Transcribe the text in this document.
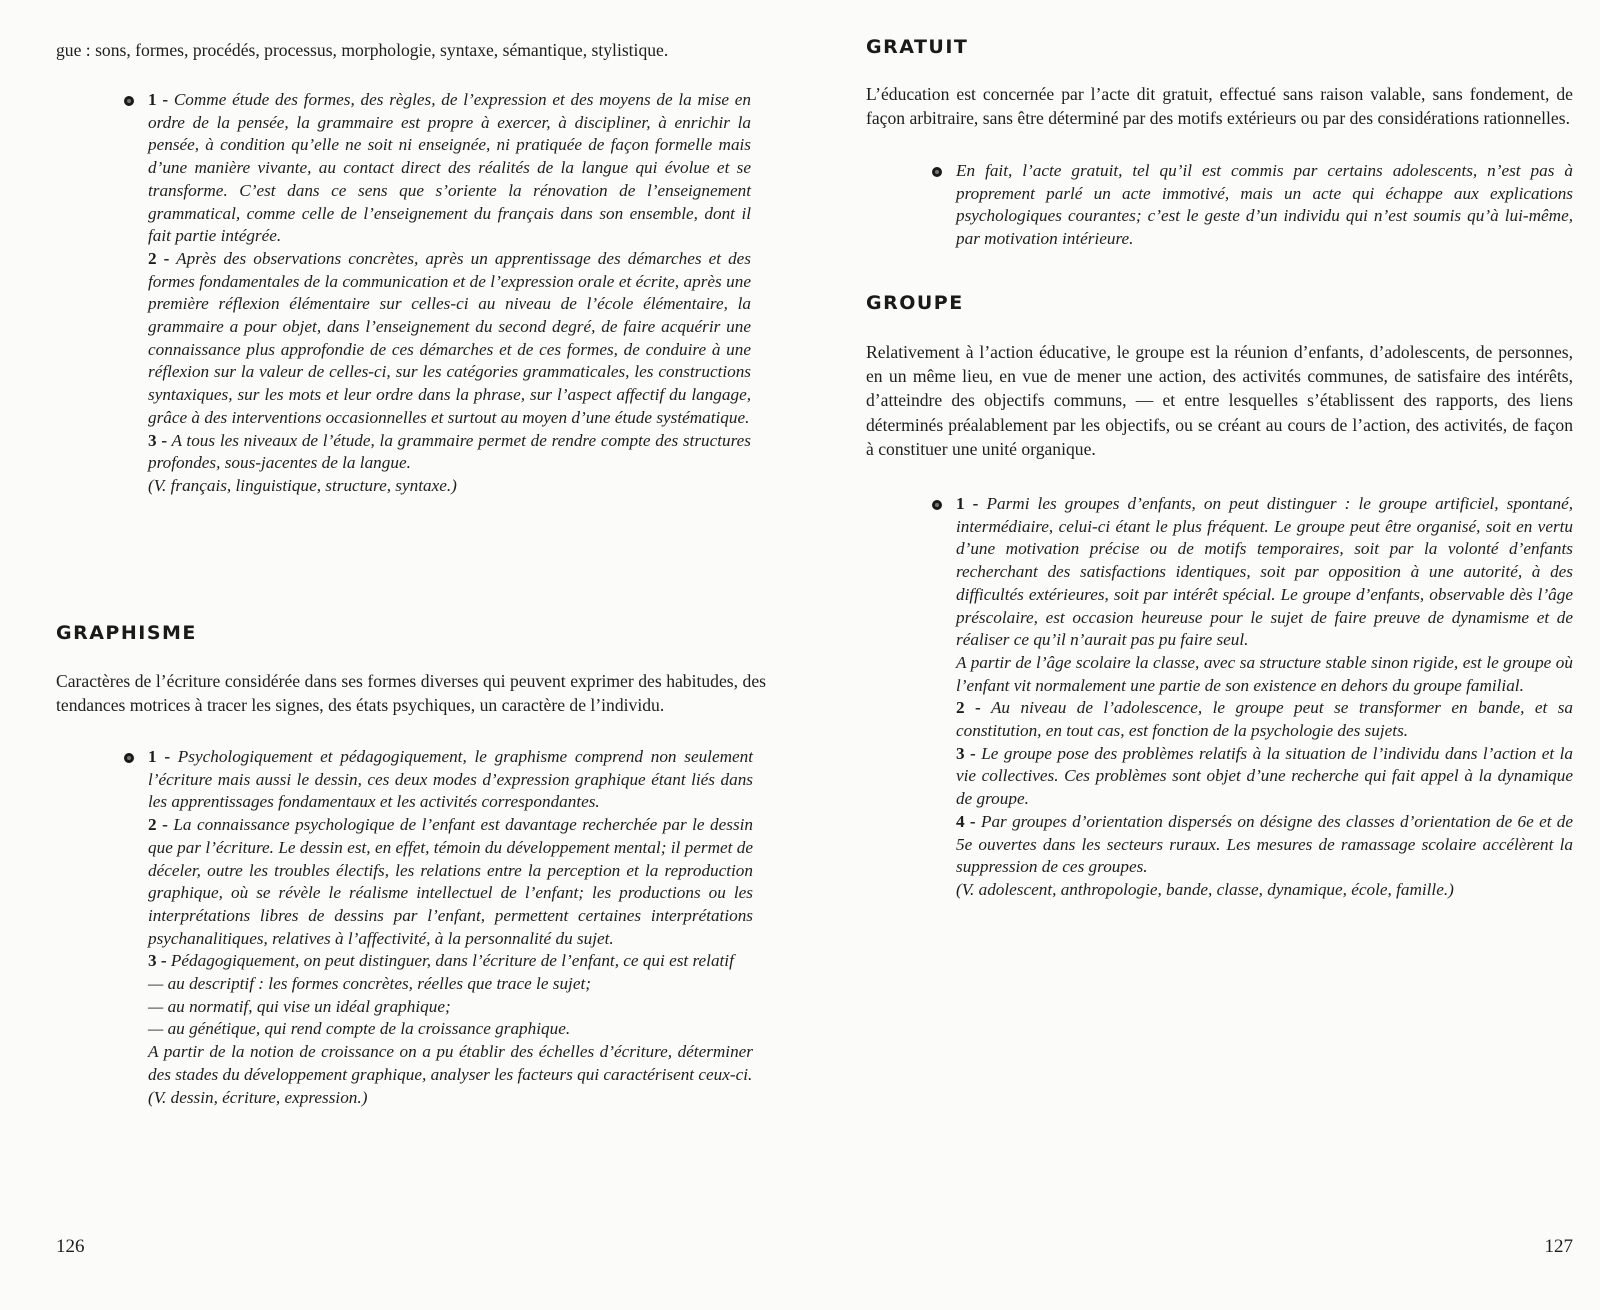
gue : sons, formes, procédés, processus, morphologie, syntaxe, sémantique, stylistique.

1 - Comme étude des formes, des règles, de l’expression et des moyens de la mise en ordre de la pensée, la grammaire est propre à exercer, à discipliner, à enrichir la pensée, à condition qu’elle ne soit ni enseignée, ni pratiquée de façon formelle mais d’une manière vivante, au contact direct des réalités de la langue qui évolue et se transforme. C’est dans ce sens que s’oriente la rénovation de l’enseignement grammatical, comme celle de l’enseignement du français dans son ensemble, dont il fait partie intégrée.

2 - Après des observations concrètes, après un apprentissage des démarches et des formes fondamentales de la communication et de l’expression orale et écrite, après une première réflexion élémentaire sur celles-ci au niveau de l’école élémentaire, la grammaire a pour objet, dans l’enseignement du second degré, de faire acquérir une connaissance plus approfondie de ces démarches et de ces formes, de conduire à une réflexion sur la valeur de celles-ci, sur les catégories grammaticales, les constructions syntaxiques, sur les mots et leur ordre dans la phrase, sur l’aspect affectif du langage, grâce à des interventions occasionnelles et surtout au moyen d’une étude systématique.

3 - A tous les niveaux de l’étude, la grammaire permet de rendre compte des structures profondes, sous-jacentes de la langue.

(V. français, linguistique, structure, syntaxe.)

GRAPHISME

Caractères de l’écriture considérée dans ses formes diverses qui peuvent exprimer des habitudes, des tendances motrices à tracer les signes, des états psychiques, un caractère de l’individu.

1 - Psychologiquement et pédagogiquement, le graphisme comprend non seulement l’écriture mais aussi le dessin, ces deux modes d’expression graphique étant liés dans les apprentissages fondamentaux et les activités correspondantes.

2 - La connaissance psychologique de l’enfant est davantage recherchée par le dessin que par l’écriture. Le dessin est, en effet, témoin du développement mental; il permet de déceler, outre les troubles électifs, les relations entre la perception et la reproduction graphique, où se révèle le réalisme intellectuel de l’enfant; les productions ou les interprétations libres de dessins par l’enfant, permettent certaines interprétations psychanalitiques, relatives à l’affectivité, à la personnalité du sujet.

3 - Pédagogiquement, on peut distinguer, dans l’écriture de l’enfant, ce qui est relatif

— au descriptif : les formes concrètes, réelles que trace le sujet;

— au normatif, qui vise un idéal graphique;

— au génétique, qui rend compte de la croissance graphique.

A partir de la notion de croissance on a pu établir des échelles d’écriture, déterminer des stades du développement graphique, analyser les facteurs qui caractérisent ceux-ci.

(V. dessin, écriture, expression.)

126

GRATUIT

L’éducation est concernée par l’acte dit gratuit, effectué sans raison valable, sans fondement, de façon arbitraire, sans être déterminé par des motifs extérieurs ou par des considérations rationnelles.

En fait, l’acte gratuit, tel qu’il est commis par certains adolescents, n’est pas à proprement parlé un acte immotivé, mais un acte qui échappe aux explications psychologiques courantes; c’est le geste d’un individu qui n’est soumis qu’à lui-même, par motivation intérieure.

GROUPE

Relativement à l’action éducative, le groupe est la réunion d’enfants, d’adolescents, de personnes, en un même lieu, en vue de mener une action, des activités communes, de satisfaire des intérêts, d’atteindre des objectifs communs, — et entre lesquelles s’établissent des rapports, des liens déterminés préalablement par les objectifs, ou se créant au cours de l’action, des activités, de façon à constituer une unité organique.

1 - Parmi les groupes d’enfants, on peut distinguer : le groupe artificiel, spontané, intermédiaire, celui-ci étant le plus fréquent. Le groupe peut être organisé, soit en vertu d’une motivation précise ou de motifs temporaires, soit par la volonté d’enfants recherchant des satisfactions identiques, soit par opposition à une autorité, à des difficultés extérieures, soit par intérêt spécial. Le groupe d’enfants, observable dès l’âge préscolaire, est occasion heureuse pour le sujet de faire preuve de dynamisme et de réaliser ce qu’il n’aurait pas pu faire seul.

A partir de l’âge scolaire la classe, avec sa structure stable sinon rigide, est le groupe où l’enfant vit normalement une partie de son existence en dehors du groupe familial.

2 - Au niveau de l’adolescence, le groupe peut se transformer en bande, et sa constitution, en tout cas, est fonction de la psychologie des sujets.

3 - Le groupe pose des problèmes relatifs à la situation de l’individu dans l’action et la vie collectives. Ces problèmes sont objet d’une recherche qui fait appel à la dynamique de groupe.

4 - Par groupes d’orientation dispersés on désigne des classes d’orientation de 6e et de 5e ouvertes dans les secteurs ruraux. Les mesures de ramassage scolaire accélèrent la suppression de ces groupes.

(V. adolescent, anthropologie, bande, classe, dynamique, école, famille.)

127
